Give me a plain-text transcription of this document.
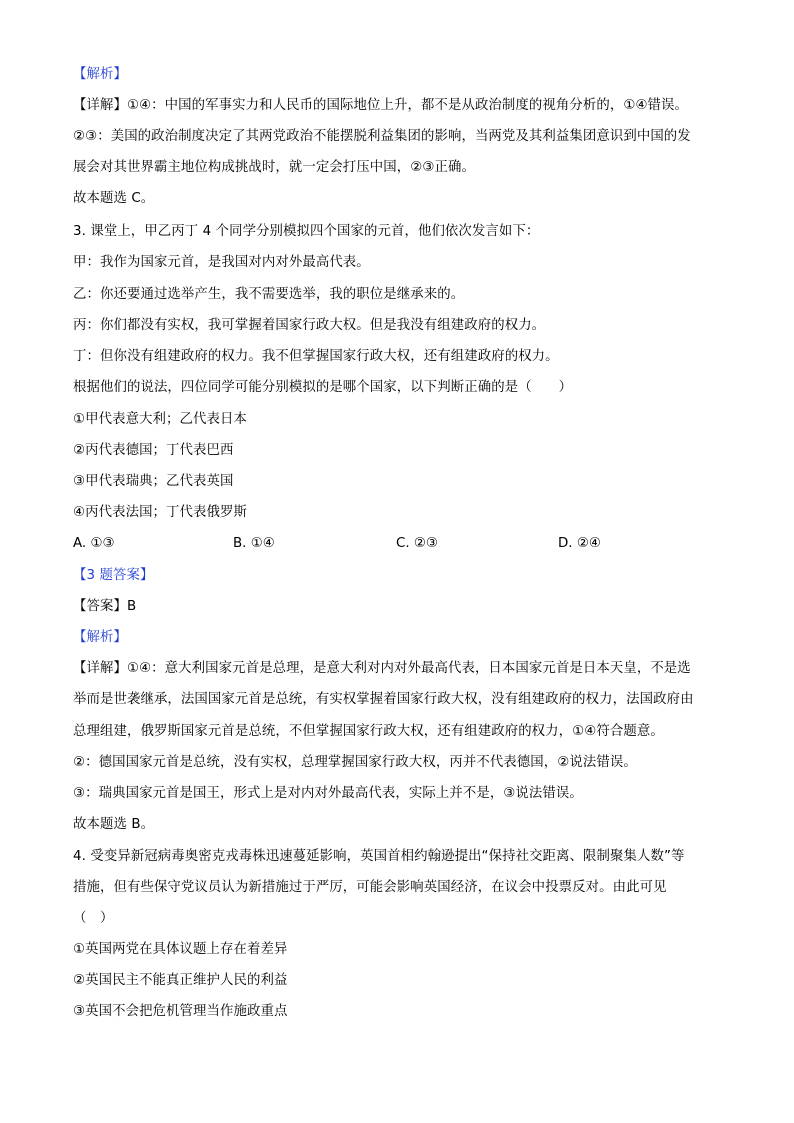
【解析】
【详解】①④：中国的军事实力和人民币的国际地位上升，都不是从政治制度的视角分析的，①④错误。
②③：美国的政治制度决定了其两党政治不能摆脱利益集团的影响，当两党及其利益集团意识到中国的发
展会对其世界霸主地位构成挑战时，就一定会打压中国，②③正确。
故本题选 C。
3. 课堂上，甲乙丙丁 4 个同学分别模拟四个国家的元首，他们依次发言如下：
甲：我作为国家元首，是我国对内对外最高代表。
乙：你还要通过选举产生，我不需要选举，我的职位是继承来的。
丙：你们都没有实权，我可掌握着国家行政大权。但是我没有组建政府的权力。
丁：但你没有组建政府的权力。我不但掌握国家行政大权，还有组建政府的权力。
根据他们的说法，四位同学可能分别模拟的是哪个国家，以下判断正确的是（　　）
①甲代表意大利；乙代表日本
②丙代表德国；丁代表巴西
③甲代表瑞典；乙代表英国
④丙代表法国；丁代表俄罗斯
A. ①③	B. ①④	C. ②③	D. ②④
【3 题答案】
【答案】B
【解析】
【详解】①④：意大利国家元首是总理，是意大利对内对外最高代表，日本国家元首是日本天皇，不是选
举而是世袭继承，法国国家元首是总统，有实权掌握着国家行政大权，没有组建政府的权力，法国政府由
总理组建，俄罗斯国家元首是总统，不但掌握国家行政大权，还有组建政府的权力，①④符合题意。
②：德国国家元首是总统，没有实权，总理掌握国家行政大权，丙并不代表德国，②说法错误。
③：瑞典国家元首是国王，形式上是对内对外最高代表，实际上并不是，③说法错误。
故本题选 B。
4. 受变异新冠病毒奥密克戎毒株迅速蔓延影响，英国首相约翰逊提出“保持社交距离、限制聚集人数”等
措施，但有些保守党议员认为新措施过于严厉，可能会影响英国经济，在议会中投票反对。由此可见
（　）
①英国两党在具体议题上存在着差异
②英国民主不能真正维护人民的利益
③英国不会把危机管理当作施政重点
